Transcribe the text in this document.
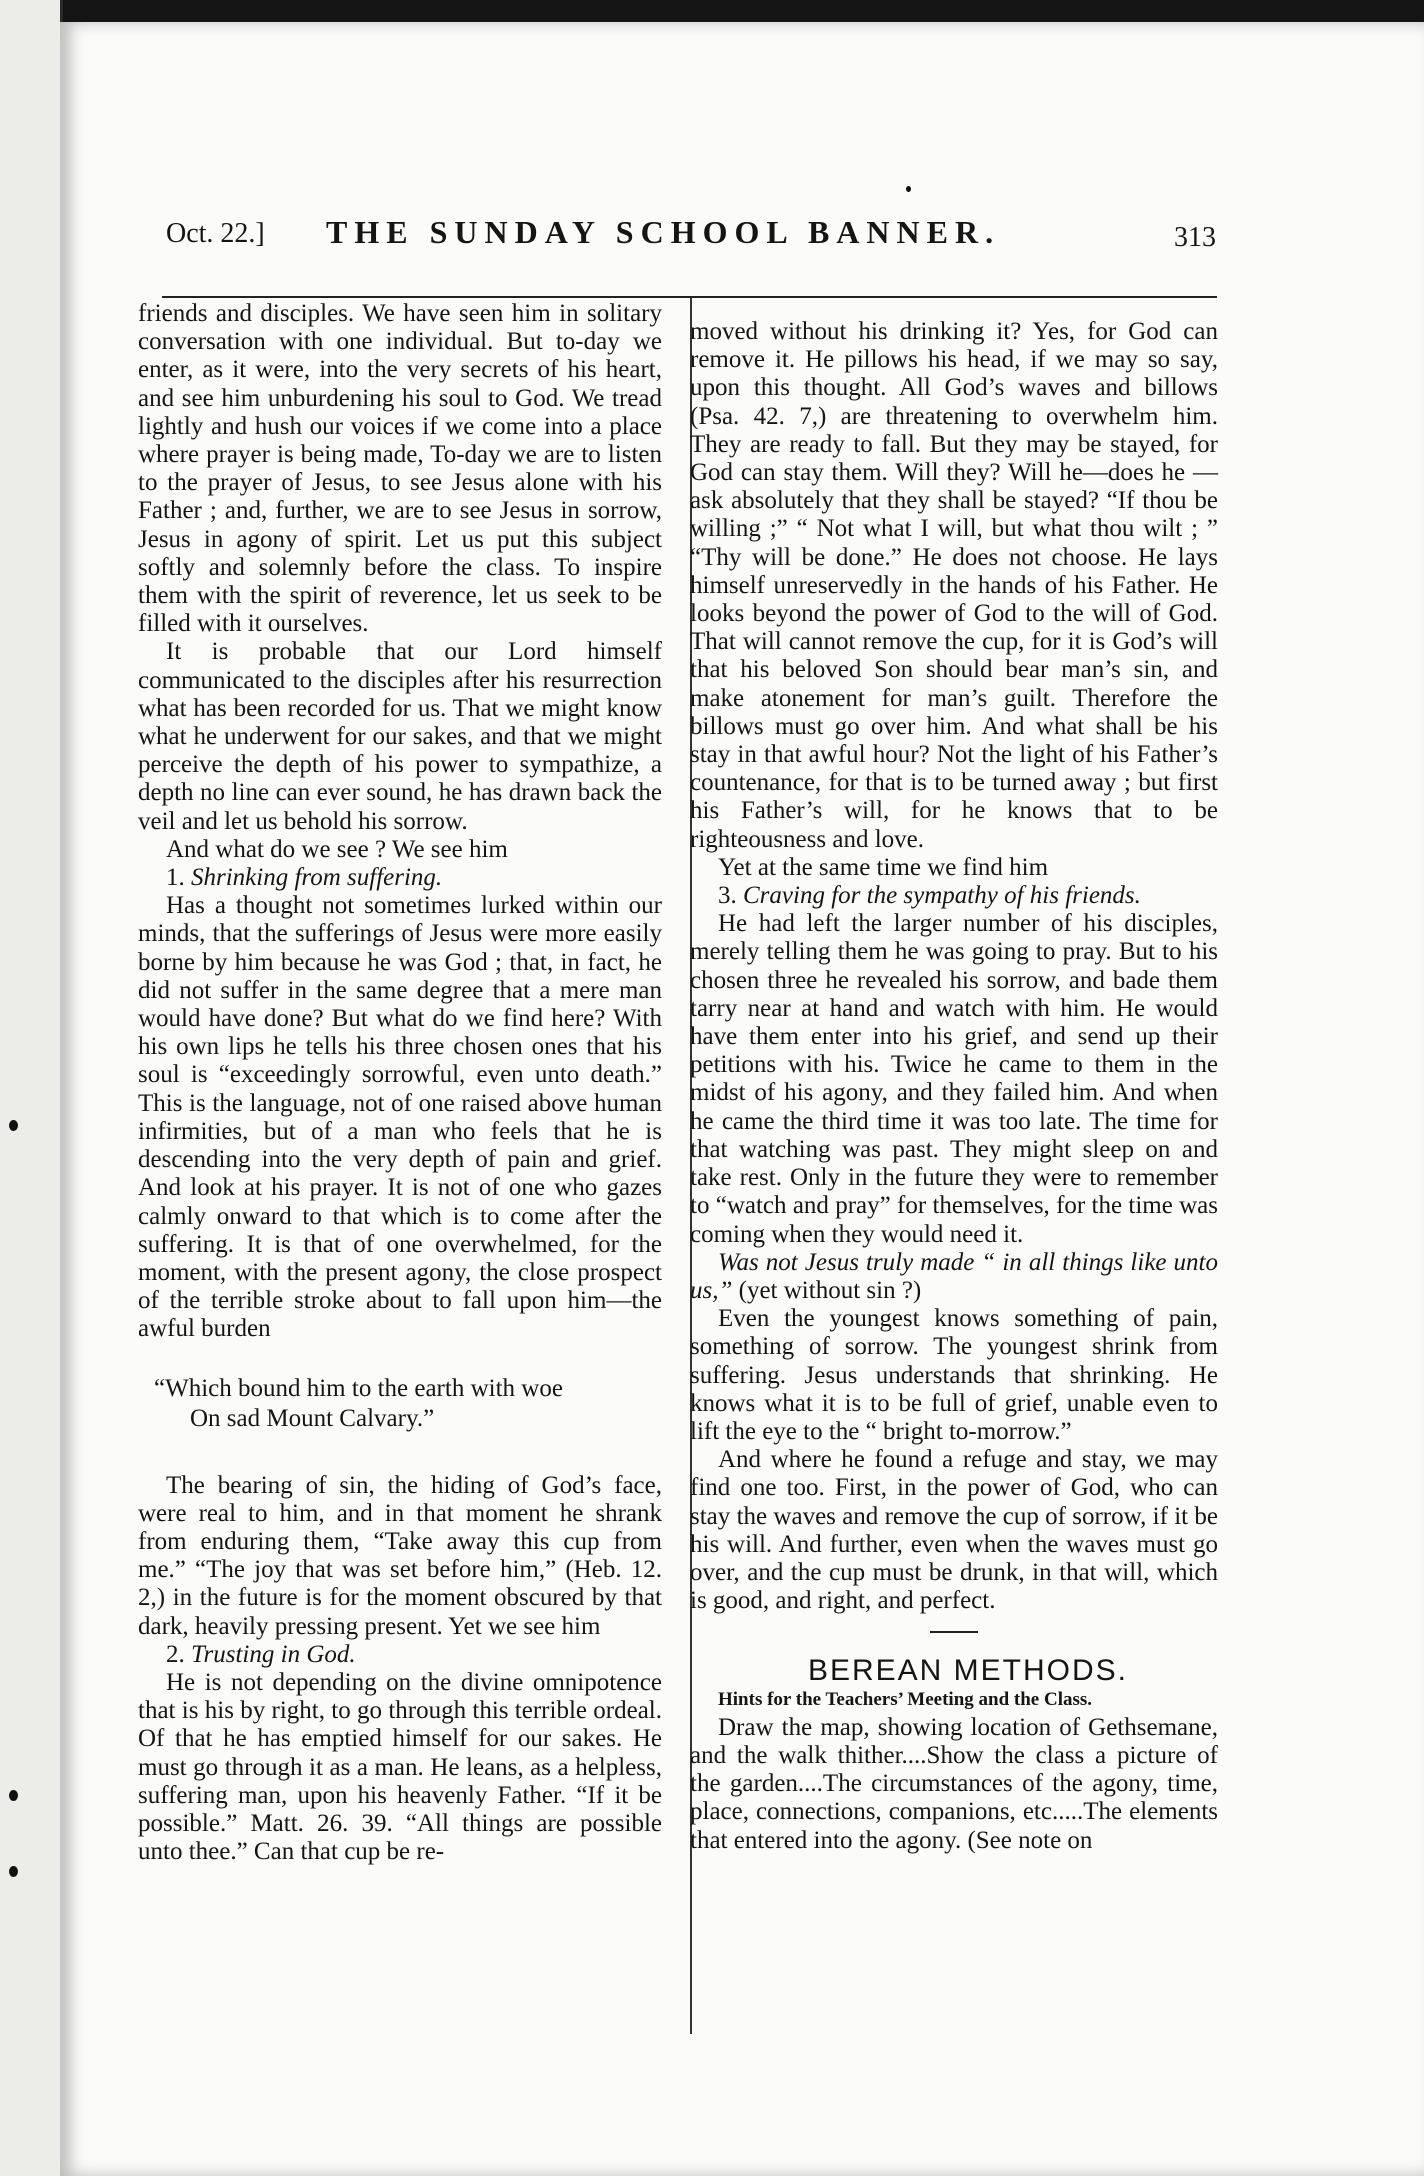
Oct. 22.] THE SUNDAY SCHOOL BANNER.	313

friends and disciples. We have seen him in solitary conversation with one individual. But to-day we enter, as it were, into the very secrets of his heart, and see him unburdening his soul to God. We tread lightly and hush our voices if we come into a place where prayer is being made, To-day we are to listen to the prayer of Jesus, to see Jesus alone with his Father ; and, further, we are to see Jesus in sorrow, Jesus in agony of spirit. Let us put this subject softly and solemnly before the class. To inspire them with the spirit of reverence, let us seek to be filled with it ourselves.

It is probable that our Lord himself communicated to the disciples after his resurrection what has been recorded for us. That we might know what he underwent for our sakes, and that we might perceive the depth of his power to sympathize, a depth no line can ever sound, he has drawn back the veil and let us behold his sorrow.

And what do we see ? We see him

1. Shrinking from suffering.

Has a thought not sometimes lurked within our minds, that the sufferings of Jesus were more easily borne by him because he was God ; that, in fact, he did not suffer in the same degree that a mere man would have done? But what do we find here? With his own lips he tells his three chosen ones that his soul is “exceedingly sorrowful, even unto death.” This is the language, not of one raised above human infirmities, but of a man who feels that he is descending into the very depth of pain and grief. And look at his prayer. It is not of one who gazes calmly onward to that which is to come after the suffering. It is that of one overwhelmed, for the moment, with the present agony, the close prospect of the terrible stroke about to fall upon him—the awful burden

“Which bound him to the earth with woe
On sad Mount Calvary.”

The bearing of sin, the hiding of God’s face, were real to him, and in that moment he shrank from enduring them, “Take away this cup from me.” “The joy that was set before him,” (Heb. 12. 2,) in the future is for the moment obscured by that dark, heavily pressing present. Yet we see him

2. Trusting in God.

He is not depending on the divine omnipotence that is his by right, to go through this terrible ordeal. Of that he has emptied himself for our sakes. He must go through it as a man. He leans, as a helpless, suffering man, upon his heavenly Father. “If it be possible.” Matt. 26. 39. “All things are possible unto thee.” Can that cup be re-

moved without his drinking it? Yes, for God can remove it. He pillows his head, if we may so say, upon this thought. All God’s waves and billows (Psa. 42. 7,) are threatening to overwhelm him. They are ready to fall. But they may be stayed, for God can stay them. Will they? Will he—does he —ask absolutely that they shall be stayed? “If thou be willing ;” “ Not what I will, but what thou wilt ; ” “Thy will be done.” He does not choose. He lays himself unreservedly in the hands of his Father. He looks beyond the power of God to the will of God. That will cannot remove the cup, for it is God’s will that his beloved Son should bear man’s sin, and make atonement for man’s guilt. Therefore the billows must go over him. And what shall be his stay in that awful hour? Not the light of his Father’s countenance, for that is to be turned away ; but first his Father’s will, for he knows that to be righteousness and love.

Yet at the same time we find him

3. Craving for the sympathy of his friends.

He had left the larger number of his disciples, merely telling them he was going to pray. But to his chosen three he revealed his sorrow, and bade them tarry near at hand and watch with him. He would have them enter into his grief, and send up their petitions with his. Twice he came to them in the midst of his agony, and they failed him. And when he came the third time it was too late. The time for that watching was past. They might sleep on and take rest. Only in the future they were to remember to “watch and pray” for themselves, for the time was coming when they would need it.

Was not Jesus truly made “ in all things like unto us,” (yet without sin ?)

Even the youngest knows something of pain, something of sorrow. The youngest shrink from suffering. Jesus understands that shrinking. He knows what it is to be full of grief, unable even to lift the eye to the “ bright to-morrow.”

And where he found a refuge and stay, we may find one too. First, in the power of God, who can stay the waves and remove the cup of sorrow, if it be his will. And further, even when the waves must go over, and the cup must be drunk, in that will, which is good, and right, and perfect.

BEREAN METHODS.

Hints for the Teachers’ Meeting and the Class.

Draw the map, showing location of Gethsemane, and the walk thither....Show the class a picture of the garden....The circumstances of the agony, time, place, connections, companions, etc.....The elements that entered into the agony. (See note on
